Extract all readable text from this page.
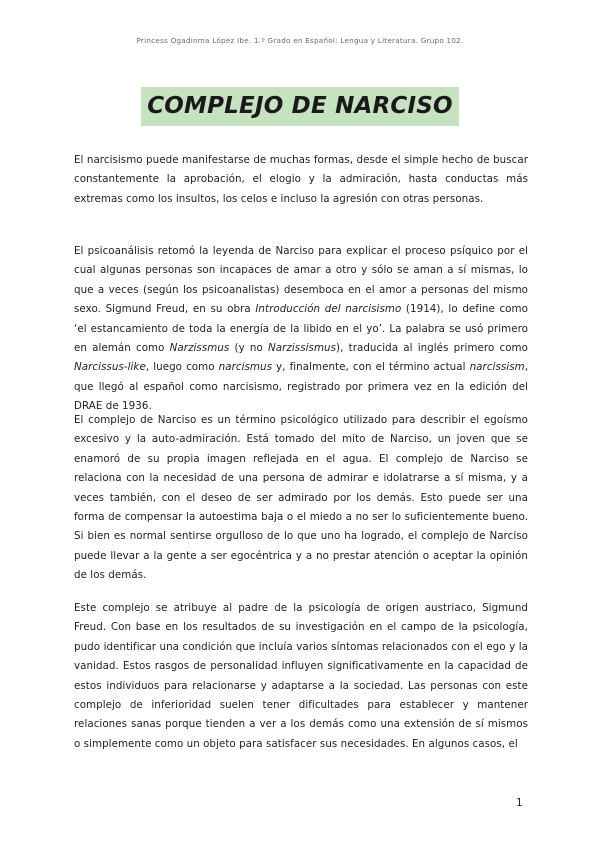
Princess Ogadinma López Ibe. 1.º Grado en Español: Lengua y Literatura. Grupo 102.
COMPLEJO DE NARCISO

El narcisismo puede manifestarse de muchas formas, desde el simple hecho de buscar constantemente la aprobación, el elogio y la admiración, hasta conductas más extremas como los insultos, los celos e incluso la agresión con otras personas.

El psicoanálisis retomó la leyenda de Narciso para explicar el proceso psíquico por el cual algunas personas son incapaces de amar a otro y sólo se aman a sí mismas, lo que a veces (según los psicoanalistas) desemboca en el amor a personas del mismo sexo. Sigmund Freud, en su obra Introducción del narcisismo (1914), lo define como ‘el estancamiento de toda la energía de la libido en el yo’. La palabra se usó primero en alemán como Narzissmus (y no Narzissismus), traducida al inglés primero como Narcissus-like, luego como narcismus y, finalmente, con el término actual narcissism, que llegó al español como narcisismo, registrado por primera vez en la edición del DRAE de 1936.

El complejo de Narciso es un término psicológico utilizado para describir el egoísmo excesivo y la auto-admiración. Está tomado del mito de Narciso, un joven que se enamoró de su propia imagen reflejada en el agua. El complejo de Narciso se relaciona con la necesidad de una persona de admirar e idolatrarse a sí misma, y a veces también, con el deseo de ser admirado por los demás. Esto puede ser una forma de compensar la autoestima baja o el miedo a no ser lo suficientemente bueno. Si bien es normal sentirse orgulloso de lo que uno ha logrado, el complejo de Narciso puede llevar a la gente a ser egocéntrica y a no prestar atención o aceptar la opinión de los demás.

Este complejo se atribuye al padre de la psicología de origen austriaco, Sigmund Freud. Con base en los resultados de su investigación en el campo de la psicología, pudo identificar una condición que incluía varios síntomas relacionados con el ego y la vanidad. Estos rasgos de personalidad influyen significativamente en la capacidad de estos individuos para relacionarse y adaptarse a la sociedad. Las personas con este complejo de inferioridad suelen tener dificultades para establecer y mantener relaciones sanas porque tienden a ver a los demás como una extensión de sí mismos o simplemente como un objeto para satisfacer sus necesidades. En algunos casos, el

1
